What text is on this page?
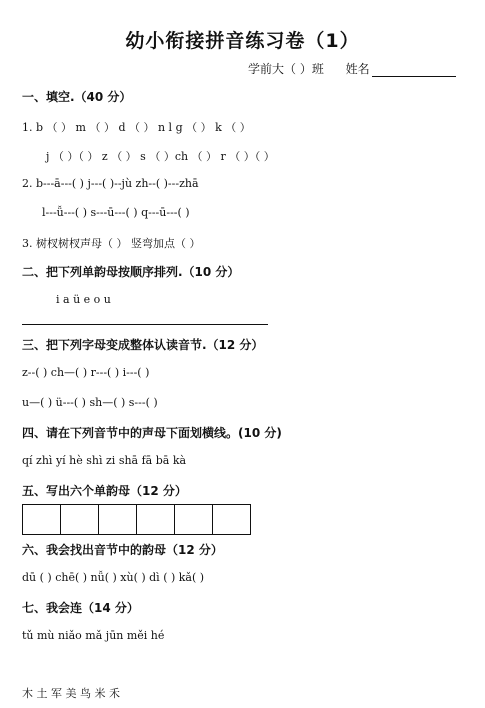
幼小衔接拼音练习卷（1）
学前大（ ）班 姓名
一、填空.（40 分）
1. b （ ） m （ ） d （ ） n l g （ ） k （ ）
j （ ）（ ） z （ ） s （ ）ch （ ） r （ ）（ ）
2. b---ā---( ) j---( )--jù zh--( )---zhā
l---ǚ---( ) s---ū---( ) q---ū---( )
3. 树杈树杈声母（ ） 竖弯加点（ ）
二、把下列单韵母按顺序排列.（10 分）
i a ü e o u
三、把下列字母变成整体认读音节.（12 分）
z--( ) ch—( ) r---( ) i---( )
u—( ) ü---( ) sh—( ) s---( )
四、请在下列音节中的声母下面划横线。(10 分)
qí zhì yí hè shì zi shā fā bā kà
五、写出六个单韵母（12 分）
六、我会找出音节中的韵母（12 分）
dū ( ) chē( ) nǚ( ) xù( ) dì ( ) kǎ( )
七、我会连（14 分）
tǔ mù niǎo mǎ jūn měi hé
木 土 军 美 鸟 米 禾
